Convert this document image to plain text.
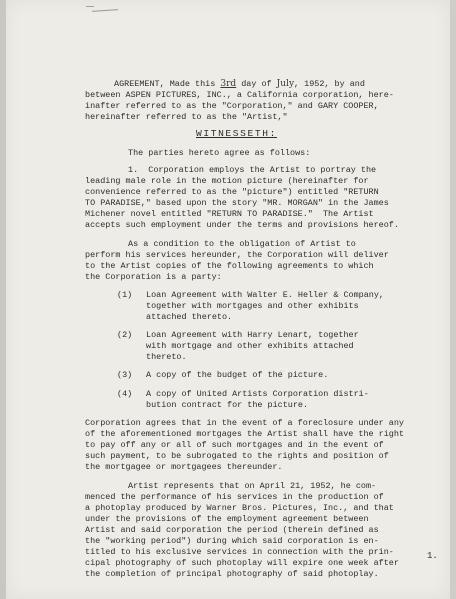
AGREEMENT, Made this 3rd day of July, 1952, by and

between ASPEN PICTURES, INC., a California corporation, here-

inafter referred to as the "Corporation," and GARY COOPER,

hereinafter referred to as the "Artist,"

WITNESSETH:

The parties hereto agree as follows:

1.  Corporation employs the Artist to portray the

leading male role in the motion picture (hereinafter for

convenience referred to as the "picture") entitled "RETURN

TO PARADISE," based upon the story "MR. MORGAN" in the James

Michener novel entitled "RETURN TO PARADISE."  The Artist

accepts such employment under the terms and provisions hereof.

As a condition to the obligation of Artist to

perform his services hereunder, the Corporation will deliver

to the Artist copies of the following agreements to which

the Corporation is a party:

(1) Loan Agreement with Walter E. Heller & Company,

together with mortgages and other exhibits

attached thereto.

(2) Loan Agreement with Harry Lenart, together

with mortgage and other exhibits attached

thereto.

(3) A copy of the budget of the picture.

(4) A copy of United Artists Corporation distri-

bution contract for the picture.

Corporation agrees that in the event of a foreclosure under any

of the aforementioned mortgages the Artist shall have the right

to pay off any or all of such mortgages and in the event of

such payment, to be subrogated to the rights and position of

the mortgagee or mortgagees thereunder.

Artist represents that on April 21, 1952, he com-

menced the performance of his services in the production of

a photoplay produced by Warner Bros. Pictures, Inc., and that

under the provisions of the employment agreement between

Artist and said corporation the period (therein defined as

the "working period") during which said corporation is en-

titled to his exclusive services in connection with the prin-

cipal photography of such photoplay will expire one week after

the completion of principal photography of said photoplay.

1.
